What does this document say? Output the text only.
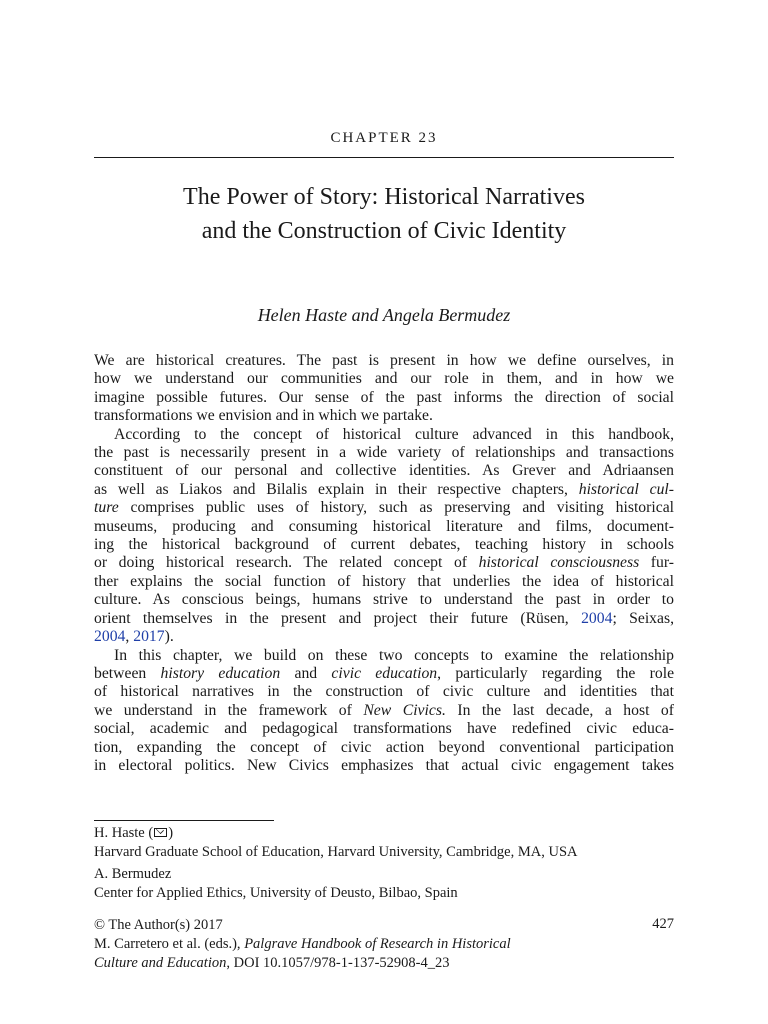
CHAPTER 23
The Power of Story: Historical Narratives
and the Construction of Civic Identity
Helen Haste and Angela Bermudez

We are historical creatures. The past is present in how we define ourselves, in
how we understand our communities and our role in them, and in how we
imagine possible futures. Our sense of the past informs the direction of social
transformations we envision and in which we partake.

According to the concept of historical culture advanced in this handbook,
the past is necessarily present in a wide variety of relationships and transactions
constituent of our personal and collective identities. As Grever and Adriaansen
as well as Liakos and Bilalis explain in their respective chapters, historical cul-
ture comprises public uses of history, such as preserving and visiting historical
museums, producing and consuming historical literature and films, document-
ing the historical background of current debates, teaching history in schools
or doing historical research. The related concept of historical consciousness fur-
ther explains the social function of history that underlies the idea of historical
culture. As conscious beings, humans strive to understand the past in order to
orient themselves in the present and project their future (Rüsen, 2004; Seixas,
2004, 2017).

In this chapter, we build on these two concepts to examine the relationship
between history education and civic education, particularly regarding the role
of historical narratives in the construction of civic culture and identities that
we understand in the framework of New Civics. In the last decade, a host of
social, academic and pedagogical transformations have redefined civic educa-
tion, expanding the concept of civic action beyond conventional participation
in electoral politics. New Civics emphasizes that actual civic engagement takes

H. Haste ( )
Harvard Graduate School of Education, Harvard University, Cambridge, MA, USA
A. Bermudez
Center for Applied Ethics, University of Deusto, Bilbao, Spain
© The Author(s) 2017
M. Carretero et al. (eds.), Palgrave Handbook of Research in Historical
Culture and Education, DOI 10.1057/978-1-137-52908-4_23
427
